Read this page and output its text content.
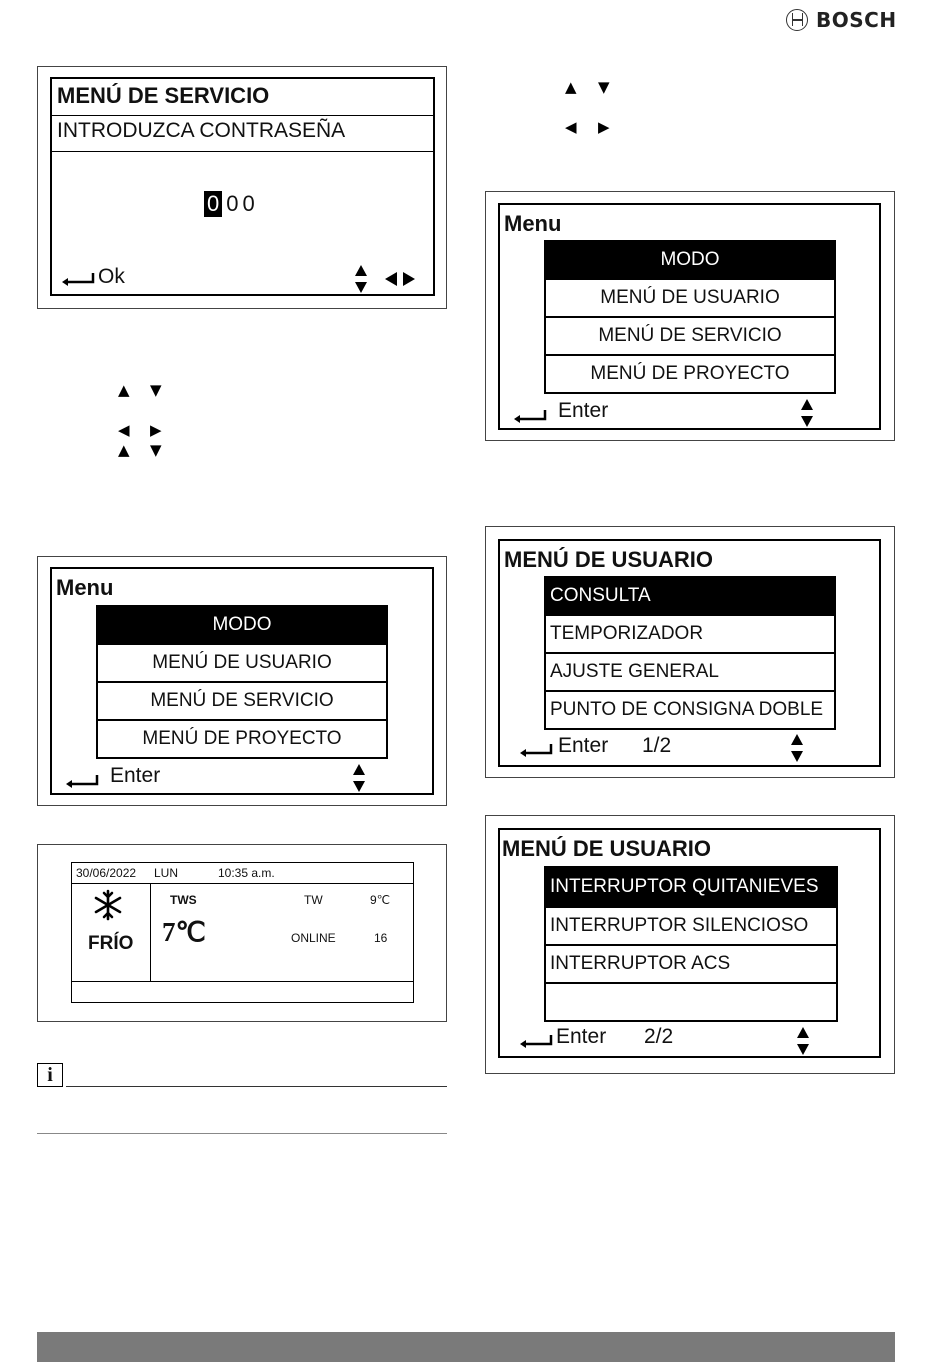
BOSCH
MENÚ DE SERVICIO
INTRODUZCA CONTRASEÑA
0 0 0
Ok
▲ ▼
◀ ▶
▲ ▼
▲ ▼
◀ ▶
Menu
MODO
MENÚ DE USUARIO
MENÚ DE SERVICIO
MENÚ DE PROYECTO
Enter
30/06/2022 LUN	10:35 a.m.
FRÍO
TWS
7℃
TW	9℃
ONLINE	16
i
Menu
MODO
MENÚ DE USUARIO
MENÚ DE SERVICIO
MENÚ DE PROYECTO
Enter
MENÚ DE USUARIO
CONSULTA
TEMPORIZADOR
AJUSTE GENERAL
PUNTO DE CONSIGNA DOBLE
Enter 1/2
MENÚ DE USUARIO
INTERRUPTOR QUITANIEVES
INTERRUPTOR SILENCIOSO
INTERRUPTOR ACS
Enter 2/2
